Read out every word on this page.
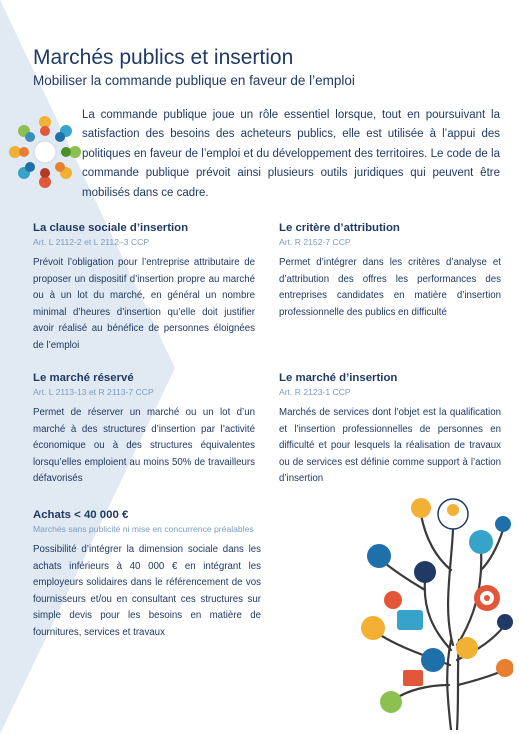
Marchés publics et insertion
Mobiliser la commande publique en faveur de l’emploi

La commande publique joue un rôle essentiel lorsque, tout en poursuivant la satisfaction des besoins des acheteurs publics, elle est utilisée à l’appui des politiques en faveur de l’emploi et du développement des territoires. Le code de la commande publique prévoit ainsi plusieurs outils juridiques qui peuvent être mobilisés dans ce cadre.

La clause sociale d’insertion
Art. L 2112-2 et L 2112–3 CCP

Prévoit l’obligation pour l’entreprise attributaire de proposer un dispositif d’insertion propre au marché ou à un lot du marché, en général un nombre minimal d’heures d’insertion qu’elle doit justifier avoir réalisé au bénéfice de personnes éloignées de l’emploi

Le critère d’attribution
Art. R 2152-7 CCP

Permet d’intégrer dans les critères d’analyse et d’attribution des offres les performances des entreprises candidates en matière d’insertion professionnelle des publics en difficulté

Le marché réservé
Art. L 2113-13 et R 2113-7 CCP

Permet de réserver un marché ou un lot d’un marché à des structures d’insertion par l’activité économique ou à des structures équivalentes lorsqu’elles emploient au moins 50% de travailleurs défavorisés

Le marché d’insertion
Art. R 2123-1 CCP

Marchés de services dont l’objet est la qualification et l’insertion professionnelles de personnes en difficulté et pour lesquels la réalisation de travaux ou de services est définie comme support à l’action d’insertion

Achats < 40 000 €
Marchés sans publicité ni mise en concurrence préalables

Possibilité d’intégrer la dimension sociale dans les achats inférieurs à 40 000 € en intégrant les employeurs solidaires dans le référencement de vos fournisseurs et/ou en consultant ces structures sur simple devis pour les besoins en matière de fournitures, services et travaux
